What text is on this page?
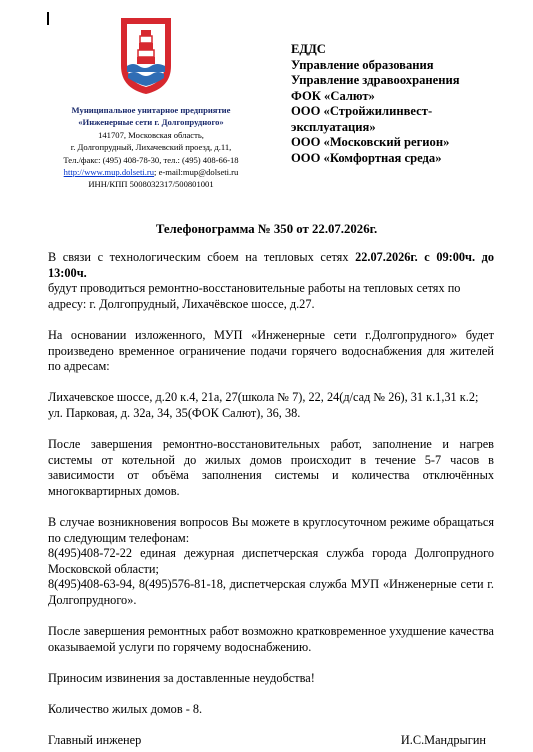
Муниципальное унитарное предприятие
«Инженерные сети г. Долгопрудного»
141707, Московская область,
г. Долгопрудный, Лихачевский проезд, д.11,
Тел./факс: (495) 408-78-30, тел.: (495) 408-66-18
http://www.mup.dolseti.ru; e-mail:mup@dolseti.ru
ИНН/КПП 5008032317/500801001
ЕДДС
Управление образования
Управление здравоохранения
ФОК «Салют»
ООО «Стройжилинвест-
эксплуатация»
ООО «Московский регион»
ООО «Комфортная среда»
Телефонограмма № 350 от 22.07.2026г.

В связи с технологическим сбоем на тепловых сетях 22.07.2026г. с 09:00ч. до 13:00ч.

будут проводиться ремонтно-восстановительные работы на тепловых сетях по адресу: г. Долгопрудный, Лихачёвское шоссе, д.27.

На основании изложенного, МУП «Инженерные сети г.Долгопрудного» будет произведено временное ограничение подачи горячего водоснабжения для жителей по адресам:

Лихачевское шоссе, д.20 к.4, 21а, 27(школа № 7), 22, 24(д/сад № 26), 31 к.1,31 к.2;

ул. Парковая, д. 32а, 34, 35(ФОК Салют), 36, 38.

После завершения ремонтно-восстановительных работ, заполнение и нагрев системы от котельной до жилых домов происходит в течение 5-7 часов в зависимости от объёма заполнения системы и количества отключённых многоквартирных домов.

В случае возникновения вопросов Вы можете в круглосуточном режиме обращаться по следующим телефонам:

8(495)408-72-22 единая дежурная диспетчерская служба города Долгопрудного Московской области;

8(495)408-63-94, 8(495)576-81-18, диспетчерская служба МУП «Инженерные сети г. Долгопрудного».

После завершения ремонтных работ возможно кратковременное ухудшение качества оказываемой услуги по горячему водоснабжению.

Приносим извинения за доставленные неудобства!

Количество жилых домов - 8.

Главный инженер	И.С.Мандрыгин
